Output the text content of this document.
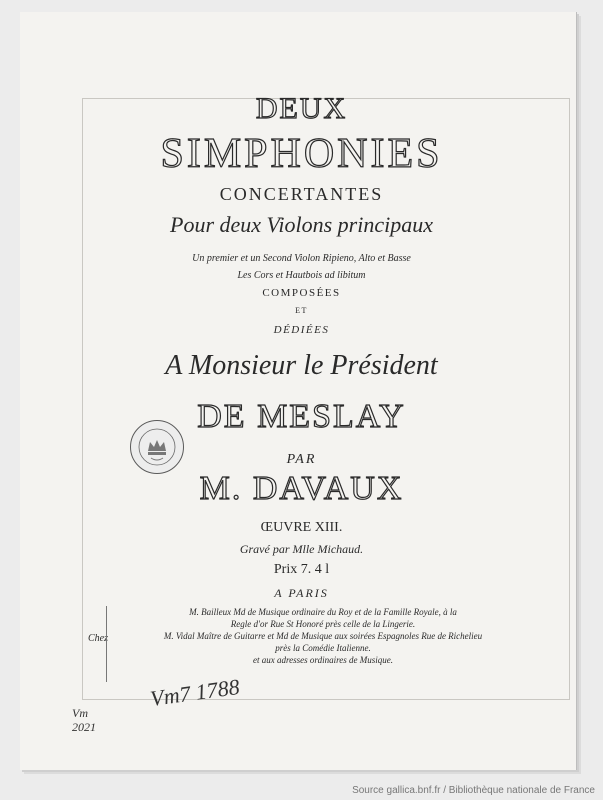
DEUX
SIMPHONIES
CONCERTANTES
Pour deux Violons principaux
Un premier et un Second Violon Ripieno, Alto et Basse
Les Cors et Hautbois ad libitum
COMPOSÉES
ET
DÉDIÉES
A Monsieur le Président
DE MESLAY
PAR
M. DAVAUX
ŒUVRE XIII.
Gravé par Mlle Michaud.
Prix 7. 4 l
A PARIS
Chez
M. Bailleux Md de Musique ordinaire du Roy et de la Famille Royale, à la
Regle d'or Rue St Honoré près celle de la Lingerie.
M. Vidal Maître de Guitarre et Md de Musique aux soirées Espagnoles Rue de Richelieu
près la Comédie Italienne.
et aux adresses ordinaires de Musique.
Vm
2021
Vm7 1788
Source gallica.bnf.fr / Bibliothèque nationale de France
